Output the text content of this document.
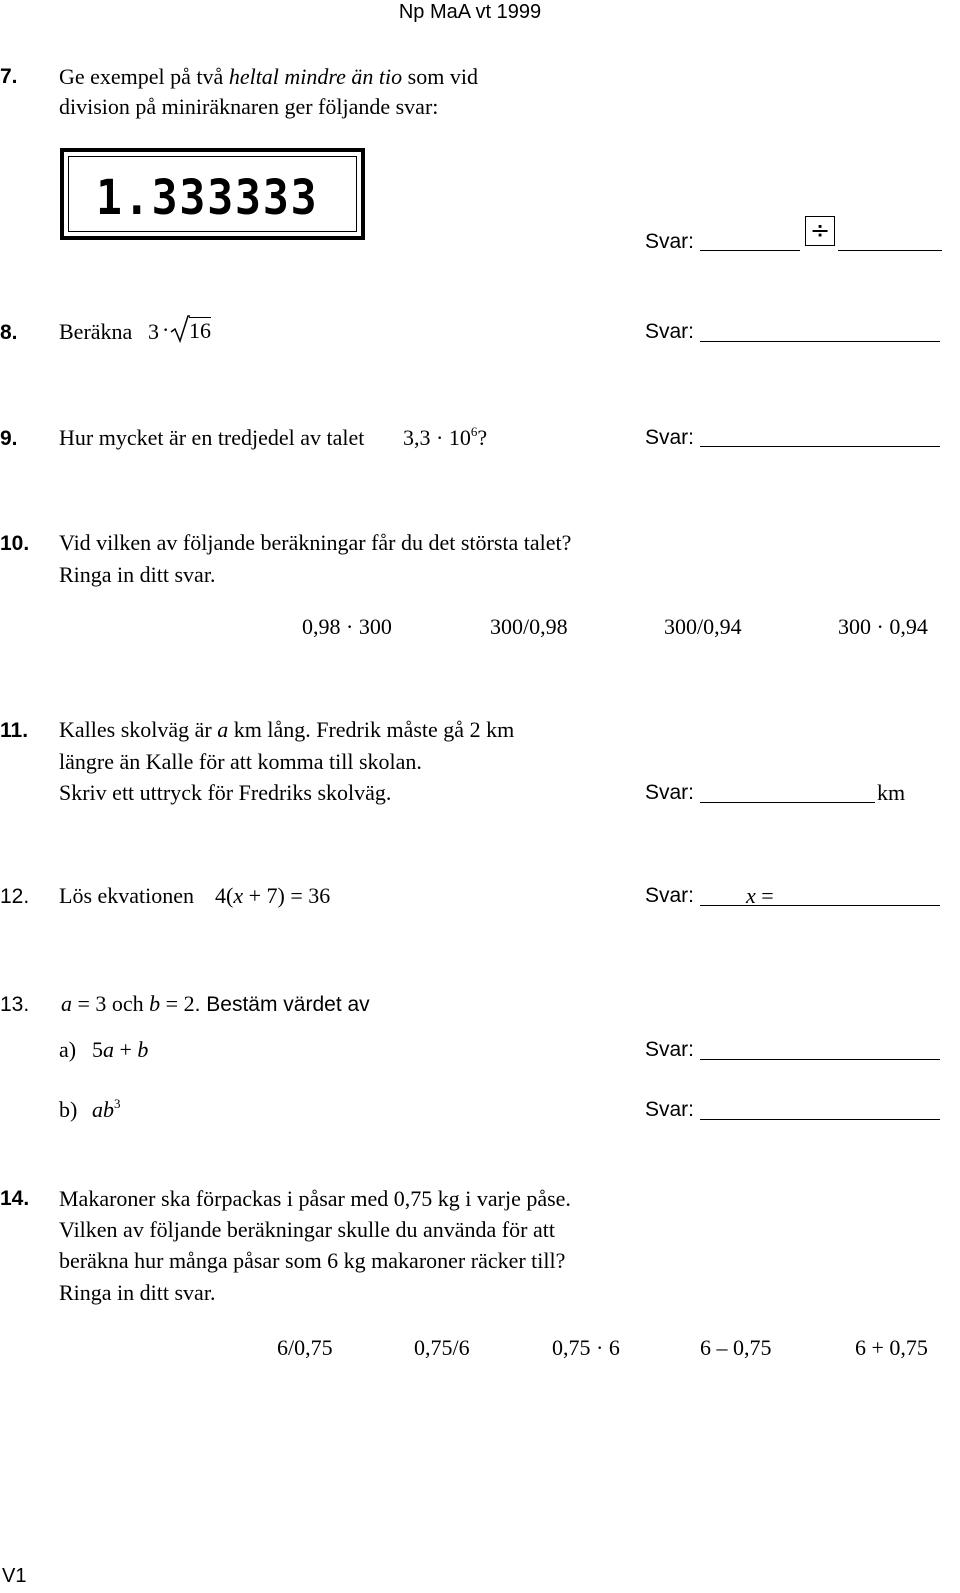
Np MaA vt 1999
7. Ge exempel på två heltal mindre än tio som vid
division på miniräknaren ger följande svar:
1.333333
Svar:	÷
8. Beräkna 3 · 16	Svar:
9. Hur mycket är en tredjedel av talet $3,3 \cdot 10^6$?	Svar:
10. Vid vilken av följande beräkningar får du det största talet?
Ringa in ditt svar.
0,98 · 300	300/0,98	300/0,94	300 · 0,94
11. Kalles skolväg är a km lång. Fredrik måste gå 2 km
längre än Kalle för att komma till skolan.
Skriv ett uttryck för Fredriks skolväg.	Svar:	km
12. Lös ekvationen 4(x + 7) = 36	Svar: x =
13. a = 3 och b = 2. Bestäm värdet av
a) 5a + b	Svar:
b) $ab^3$	Svar:
14. Makaroner ska förpackas i påsar med 0,75 kg i varje påse.
Vilken av följande beräkningar skulle du använda för att
beräkna hur många påsar som 6 kg makaroner räcker till?
Ringa in ditt svar.
6/0,75	0,75/6	0,75 · 6	6 – 0,75	6 + 0,75
V1
